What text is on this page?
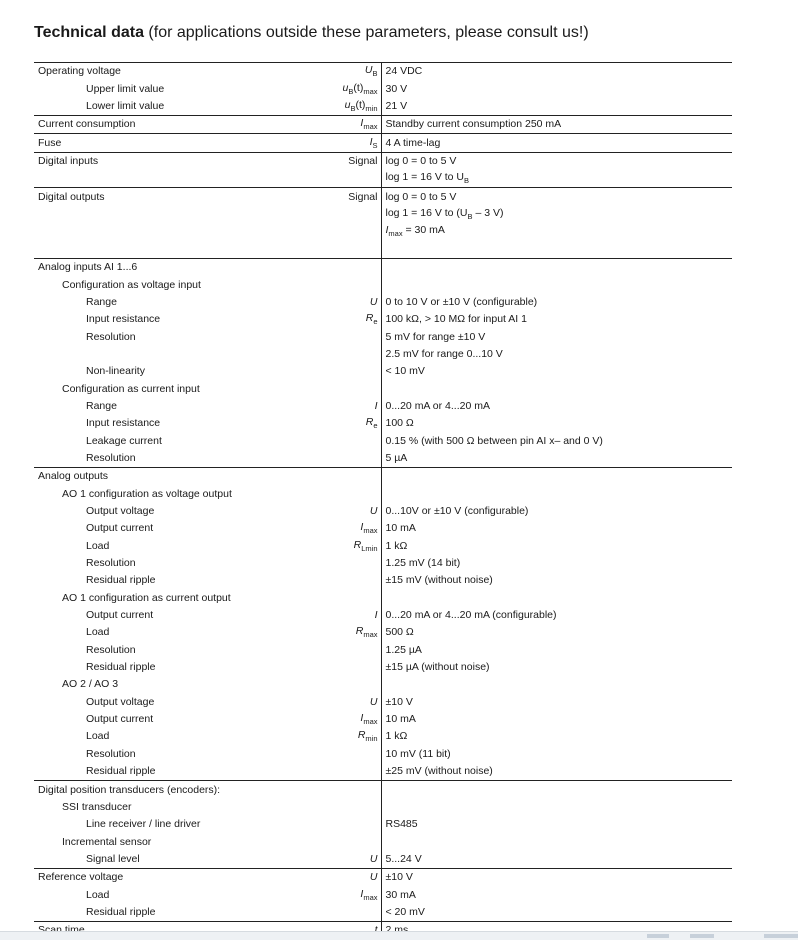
Technical data (for applications outside these parameters, please consult us!)
Operating voltage	$U_B$	24 VDC
Upper limit value	$u_B(t)_{max}$	30 V
Lower limit value	$u_B(t)_{min}$	21 V
Current consumption	$I_{max}$	Standby current consumption 250 mA
Fuse	$I_S$	4 A time-lag
Digital inputs	Signal	log 0 = 0 to 5 V
		log 1 = 16 V to $U_B$
Digital outputs	Signal	log 0 = 0 to 5 V
		log 1 = 16 V to ($U_B - 3$ V)
		$I_{max} = 30$ mA

Analog inputs AI 1...6		
Configuration as voltage input		
Range	U	0 to 10 V or ±10 V (configurable)
Input resistance	$R_e$	100 kΩ, > 10 MΩ for input AI 1
Resolution		5 mV for range ±10 V
		2.5 mV for range 0...10 V
Non-linearity		< 10 mV
Configuration as current input		
Range	I	0...20 mA or 4...20 mA
Input resistance	$R_e$	100 Ω
Leakage current		0.15 % (with 500 Ω between pin AI x– and 0 V)
Resolution		5 µA
Analog outputs		
AO 1 configuration as voltage output		
Output voltage	U	0...10V or ±10 V (configurable)
Output current	$I_{max}$	10 mA
Load	$R_{Lmin}$	1 kΩ
Resolution		1.25 mV (14 bit)
Residual ripple		±15 mV (without noise)
AO 1 configuration as current output		
Output current	I	0...20 mA or 4...20 mA (configurable)
Load	$R_{max}$	500 Ω
Resolution		1.25 µA
Residual ripple		±15 µA (without noise)
AO 2 / AO 3		
Output voltage	U	±10 V
Output current	$I_{max}$	10 mA
Load	$R_{min}$	1 kΩ
Resolution		10 mV (11 bit)
Residual ripple		±25 mV (without noise)
Digital position transducers (encoders):		
SSI transducer		
Line receiver / line driver		RS485
Incremental sensor		
Signal level	U	5...24 V
Reference voltage	U	±10 V
Load	$I_{max}$	30 mA
Residual ripple		< 20 mV
